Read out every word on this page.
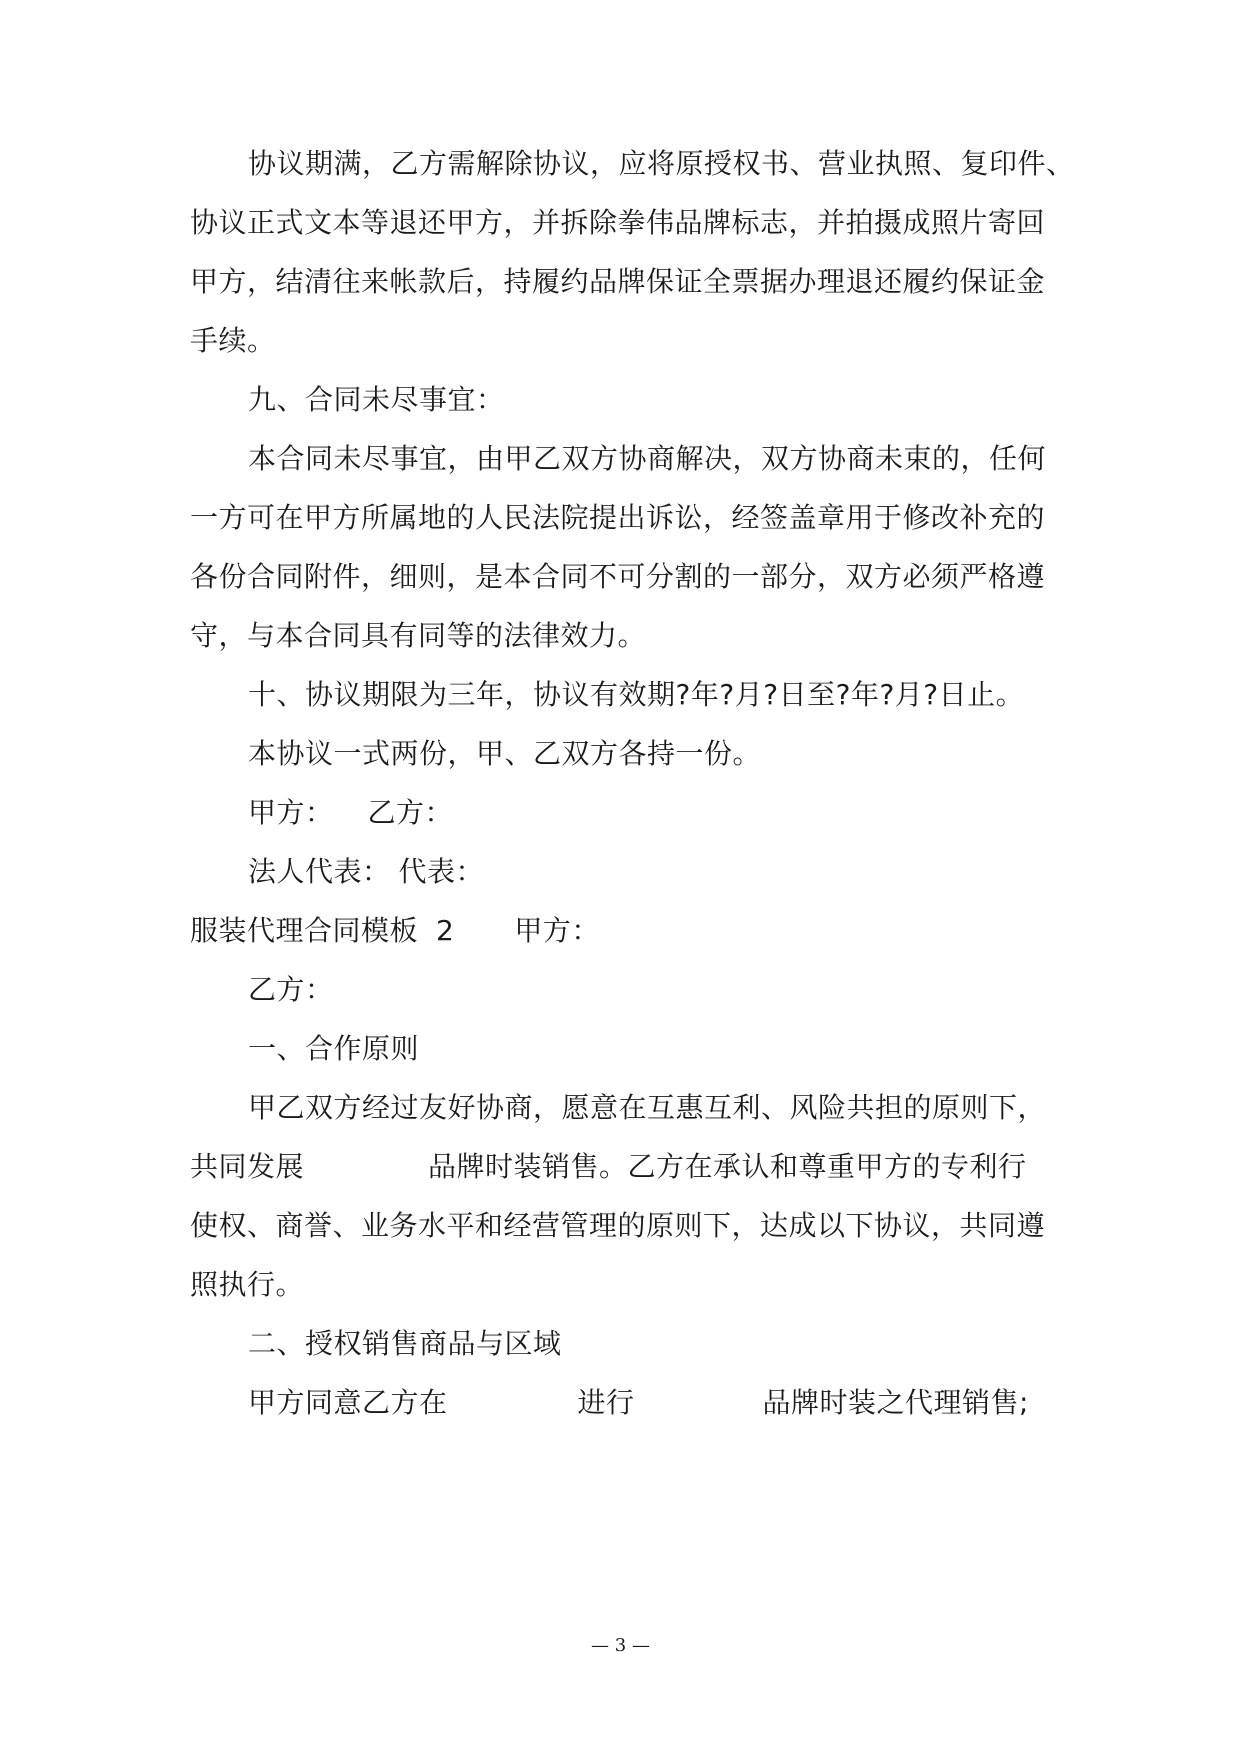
协议期满，乙方需解除协议，应将原授权书、营业执照、复印件、
协议正式文本等退还甲方，并拆除拳伟品牌标志，并拍摄成照片寄回
甲方，结清往来帐款后，持履约品牌保证全票据办理退还履约保证金
手续。
九、合同未尽事宜：
本合同未尽事宜，由甲乙双方协商解决，双方协商未束的，任何
一方可在甲方所属地的人民法院提出诉讼，经签盖章用于修改补充的
各份合同附件，细则，是本合同不可分割的一部分，双方必须严格遵
守，与本合同具有同等的法律效力。
十、协议期限为三年，协议有效期?年?月?日至?年?月?日止。
本协议一式两份，甲、乙双方各持一份。
甲方： 乙方：
法人代表： 代表：
服装代理合同模板 2 甲方：
乙方：
一、合作原则
甲乙双方经过友好协商，愿意在互惠互利、风险共担的原则下，
共同发展	品牌时装销售。乙方在承认和尊重甲方的专利行
使权、商誉、业务水平和经营管理的原则下，达成以下协议，共同遵
照执行。
二、授权销售商品与区域
甲方同意乙方在	进行	品牌时装之代理销售;
— 3 —
